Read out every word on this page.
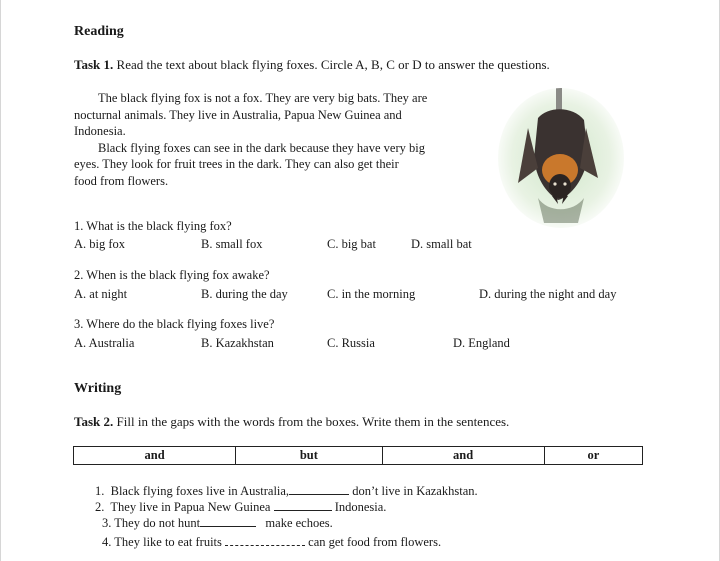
Reading
Task 1. Read the text about black flying foxes. Circle A, B, C or D to answer the questions.
The black flying fox is not a fox. They are very big bats. They are
nocturnal animals. They live in Australia, Papua New Guinea and
Indonesia.
Black flying foxes can see in the dark because they have very big
eyes. They look for fruit trees in the dark. They can also get their
food from flowers.
1. What is the black flying fox?
A. big fox	B. small fox	C. big bat	D. small bat
2. When is the black flying fox awake?
A. at night	B. during the day	C. in the morning	D. during the night and day
3. Where do the black flying foxes live?
A. Australia	B. Kazakhstan	C. Russia	D. England
Writing
Task 2. Fill in the gaps with the words from the boxes. Write them in the sentences.
and	but	and	or
1. Black flying foxes live in Australia,	don’t live in Kazakhstan.
2. They live in Papua New Guinea	Indonesia.
3. They do not hunt	make echoes.
4. They like to eat fruits	can get food from flowers.
